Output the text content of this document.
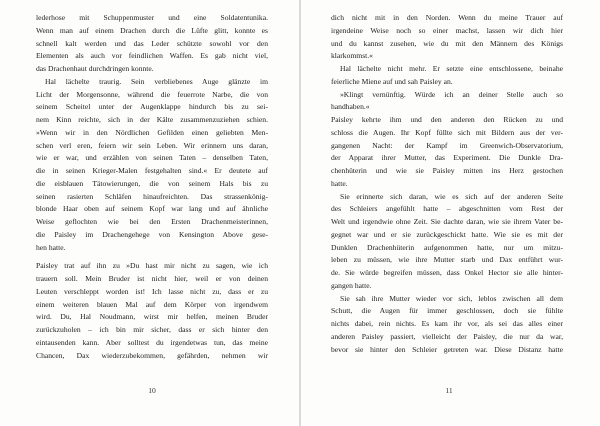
lederhose mit Schuppenmuster und eine Soldatentunika.
Wenn man auf einem Drachen durch die Lüfte glitt, konnte es
schnell kalt werden und das Leder schützte sowohl vor den
Elementen als auch vor feindlichen Waffen. Es gab nicht viel,
das Drachenhaut durchdringen konnte.
Hal lächelte traurig. Sein verbliebenes Auge glänzte im
Licht der Morgensonne, während die feuerrote Narbe, die von
seinem Scheitel unter der Augenklappe hindurch bis zu sei-
nem Kinn reichte, sich in der Kälte zusammenzuziehen schien.
»Wenn wir in den Nördlichen Gefilden einen geliebten Men-
schen verl eren, feiern wir sein Leben. Wir erinnern uns daran,
wie er war, und erzählen von seinen Taten – denselben Taten,
die in seinen Krieger-Malen festgehalten sind.« Er deutete auf
die eisblauen Tätowierungen, die von seinem Hals bis zu
seinen rasierten Schläfen hinaufreichten. Das strassenkönig-
blonde Haar oben auf seinem Kopf war lang und auf ähnliche
Weise geflochten wie bei den Ersten Drachenmeisterinnen,
die Paisley im Drachengehege von Kensington Above gese-
hen hatte.
Paisley trat auf ihn zu »Du hast mir nicht zu sagen, wie ich
trauern soll. Mein Bruder ist nicht hier, weil er von deinen
Leuten verschleppt worden ist! Ich lasse nicht zu, dass er zu
einem weiteren blauen Mal auf dem Körper von irgendwem
wird. Du, Hal Noudmann, wirst mir helfen, meinen Bruder
zurückzuholen – ich bin mir sicher, dass er sich hinter den
eintausenden kann. Aber solltest du irgendetwas tun, das meine
Chancen, Dax wiederzubekommen, gefährden, nehmen wir
10
dich nicht mit in den Norden. Wenn du meine Trauer auf
irgendeine Weise noch so einer machst, lassen wir dich hier
und du kannst zusehen, wie du mit den Männern des Königs
klarkommst.«
Hal lächelte nicht mehr. Er setzte eine entschlossene, beinahe
feierliche Miene auf und sah Paisley an.
»Klingt vernünftig. Würde ich an deiner Stelle auch so
handhaben.«
Paisley kehrte ihm und den anderen den Rücken zu und
schloss die Augen. Ihr Kopf füllte sich mit Bildern aus der ver-
gangenen Nacht: der Kampf im Greenwich-Observatorium,
der Apparat ihrer Mutter, das Experiment. Die Dunkle Dra-
chenhüterin und wie sie Paisley mitten ins Herz gestochen
hatte.
Sie erinnerte sich daran, wie es sich auf der anderen Seite
des Schleiers angefühlt hatte – abgeschnitten vom Rest der
Welt und irgendwie ohne Zeit. Sie dachte daran, wie sie ihrem Vater be-
gegnet war und er sie zurückgeschickt hatte. Wie sie es mit der
Dunklen Drachenhüterin aufgenommen hatte, nur um mitzu-
leben zu müssen, wie ihre Mutter starb und Dax entführt wur-
de. Sie würde begreifen müssen, dass Onkel Hector sie alle hinter-
gangen hatte.
Sie sah ihre Mutter wieder vor sich, leblos zwischen all dem
Schutt, die Augen für immer geschlossen, doch sie fühlte
nichts dabei, rein nichts. Es kam ihr vor, als sei das alles einer
anderen Paisley passiert, vielleicht der Paisley, die nur da war,
bevor sie hinter den Schleier getreten war. Diese Distanz hatte
11
